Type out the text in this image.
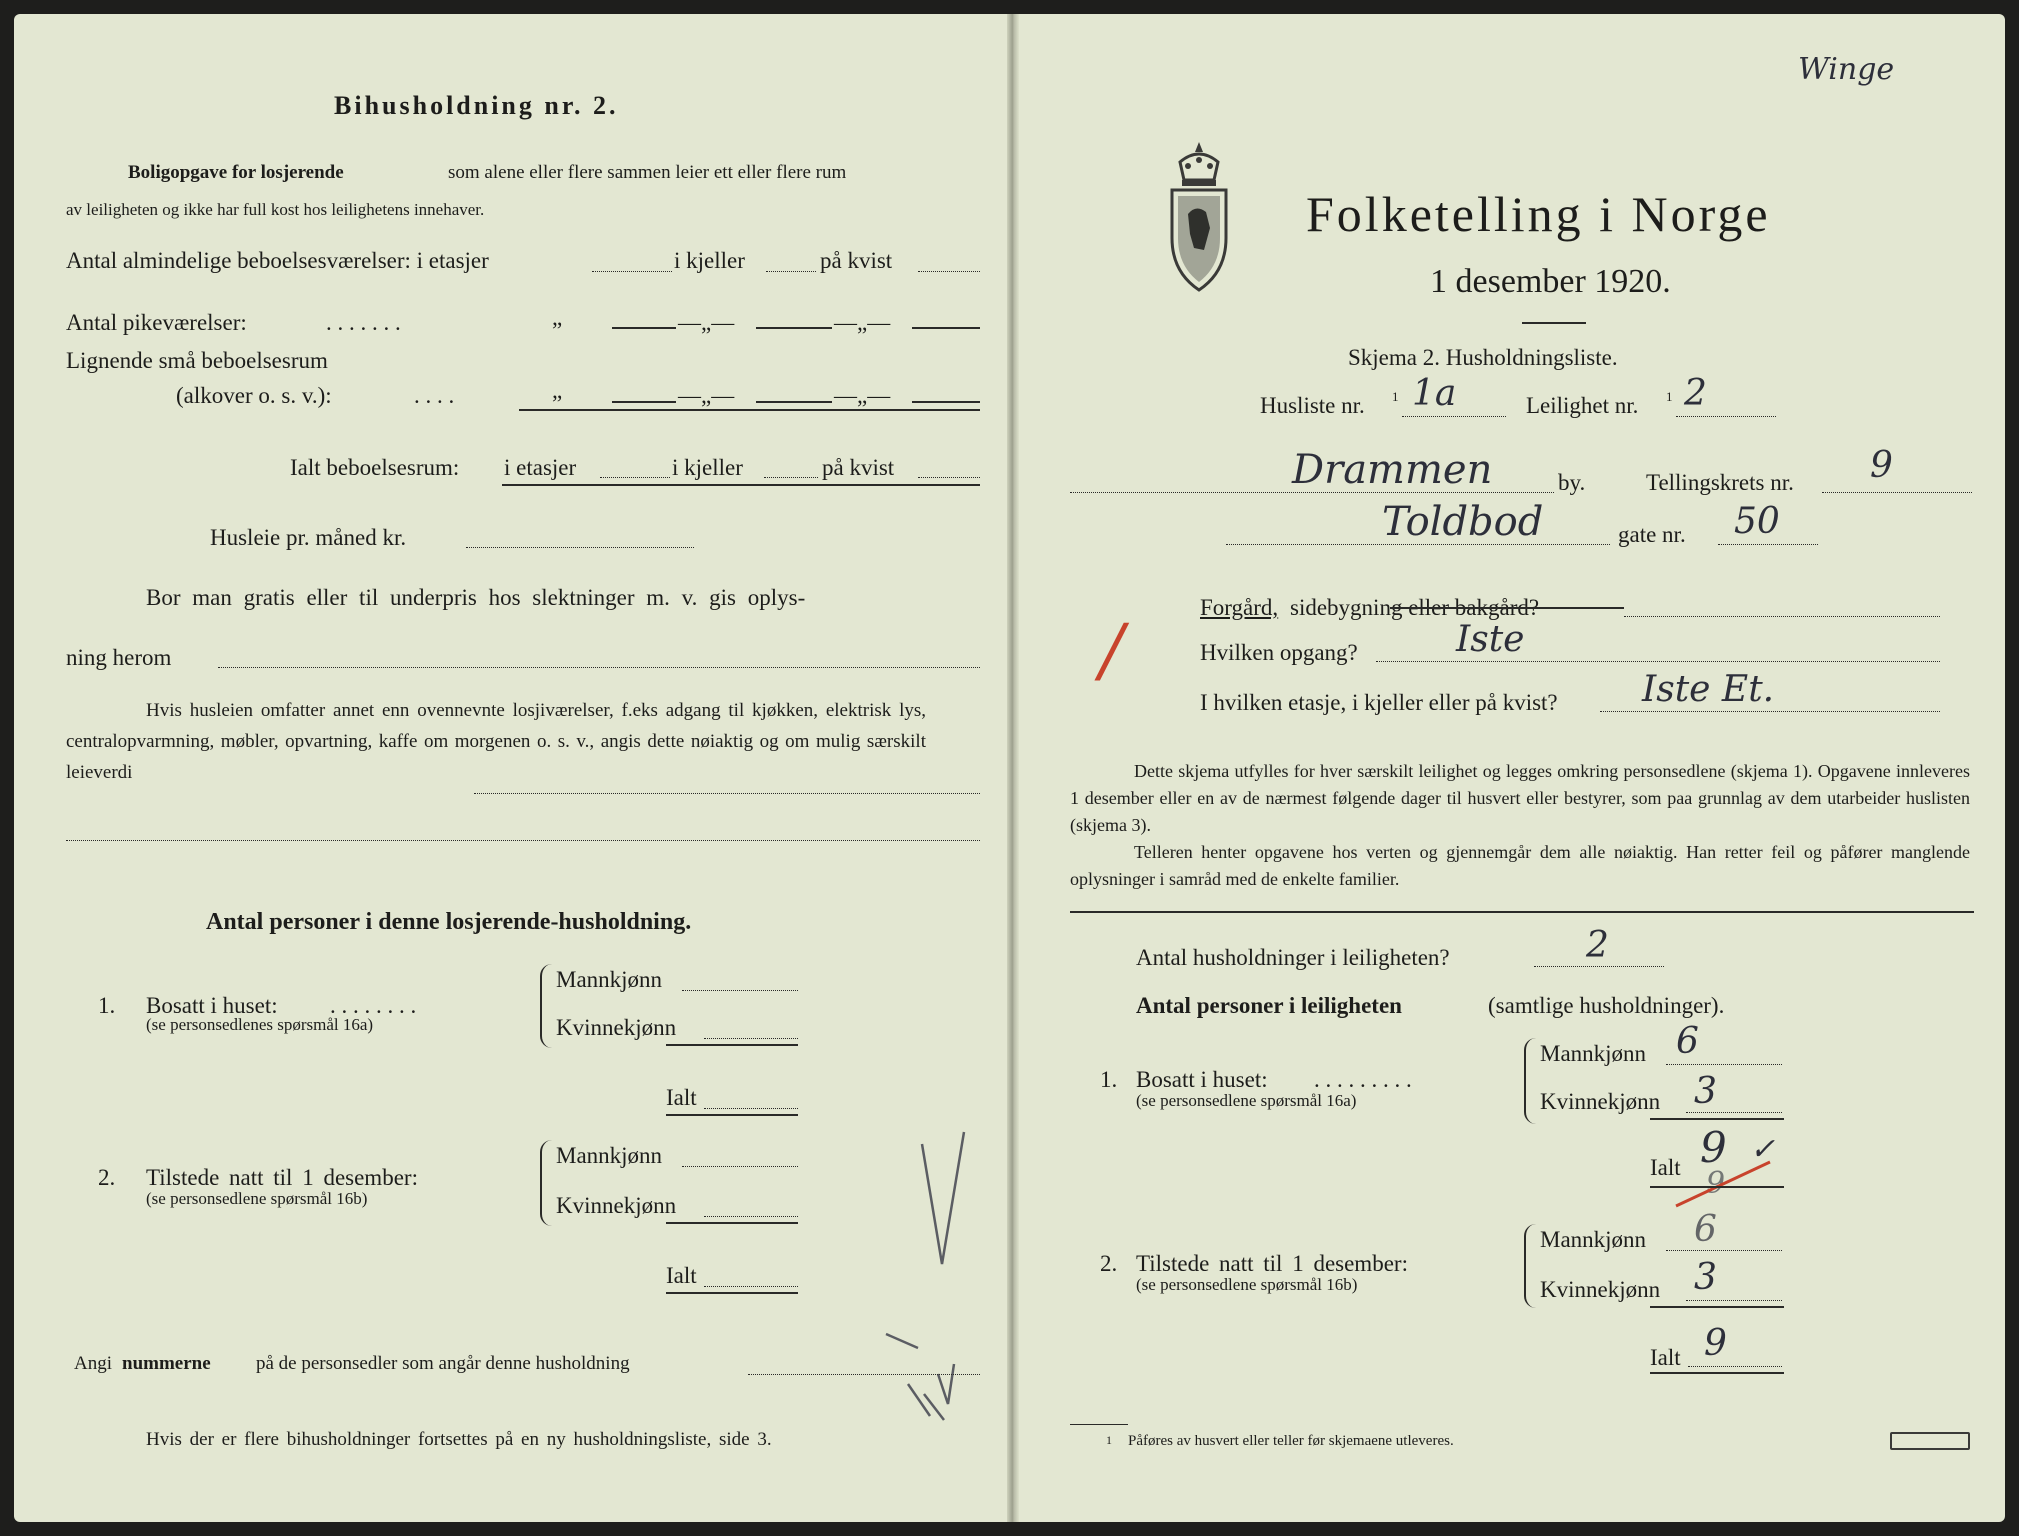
Bihusholdning nr. 2.
Boligopgave for losjerende	som alene eller flere sammen leier ett eller flere rum
av leiligheten og ikke har full kost hos leilighetens innehaver.
Antal almindelige beboelsesværelser: i etasjer	i kjeller	på kvist
Antal pikeværelser:	. . . . . . .	„	—„—	—„—
Lignende små beboelsesrum
(alkover o. s. v.):	. . . .	„	—„—	—„—
Ialt beboelsesrum: i etasjer	i kjeller	på kvist
Husleie pr. måned kr.
Bor man gratis eller til underpris hos slektninger m. v. gis oplys-
ning herom
Hvis husleien omfatter annet enn ovennevnte losjiværelser, f.eks adgang til kjøkken, elektrisk lys, centralopvarmning, møbler, opvartning, kaffe om morgenen o. s. v., angis dette nøiaktig og om mulig særskilt leieverdi
Antal personer i denne losjerende-husholdning.
1. Bosatt i huset: . . . . . . . .
(se personsedlenes spørsmål 16a)
Mannkjønn
Kvinnekjønn
Ialt
2. Tilstede natt til 1 desember:
(se personsedlene spørsmål 16b)
Mannkjønn
Kvinnekjønn
Ialt
Angi nummerne på de personsedler som angår denne husholdning
Hvis der er flere bihusholdninger fortsettes på en ny husholdningsliste, side 3.
Winge
Folketelling i Norge
1 desember 1920.
Skjema 2. Husholdningsliste.
Husliste nr. 1 1a	Leilighet nr. 1 2
Drammen	by.	Tellingskrets nr. 9
Toldbod	gate nr. 50
/
Forgård, sidebygning eller bakgård?
Hvilken opgang?	Iste
I hvilken etasje, i kjeller eller på kvist? Iste Et.
Dette skjema utfylles for hver særskilt leilighet og legges omkring personsedlene (skjema 1). Opgavene innleveres 1 desember eller en av de nærmest følgende dager til husvert eller bestyrer, som paa grunnlag av dem utarbeider huslisten (skjema 3).
Telleren henter opgavene hos verten og gjennemgår dem alle nøiaktig. Han retter feil og påfører manglende oplysninger i samråd med de enkelte familier.
Antal husholdninger i leiligheten?	2
Antal personer i leiligheten	(samtlige husholdninger).
1. Bosatt i huset: . . . . . . . . .
(se personsedlene spørsmål 16a)
Mannkjønn 6
Kvinnekjønn 3
Ialt 9 ✓
9
2. Tilstede natt til 1 desember:
(se personsedlene spørsmål 16b)
Mannkjønn 6
Kvinnekjønn 3
Ialt 9
1 Påføres av husvert eller teller før skjemaene utleveres.
